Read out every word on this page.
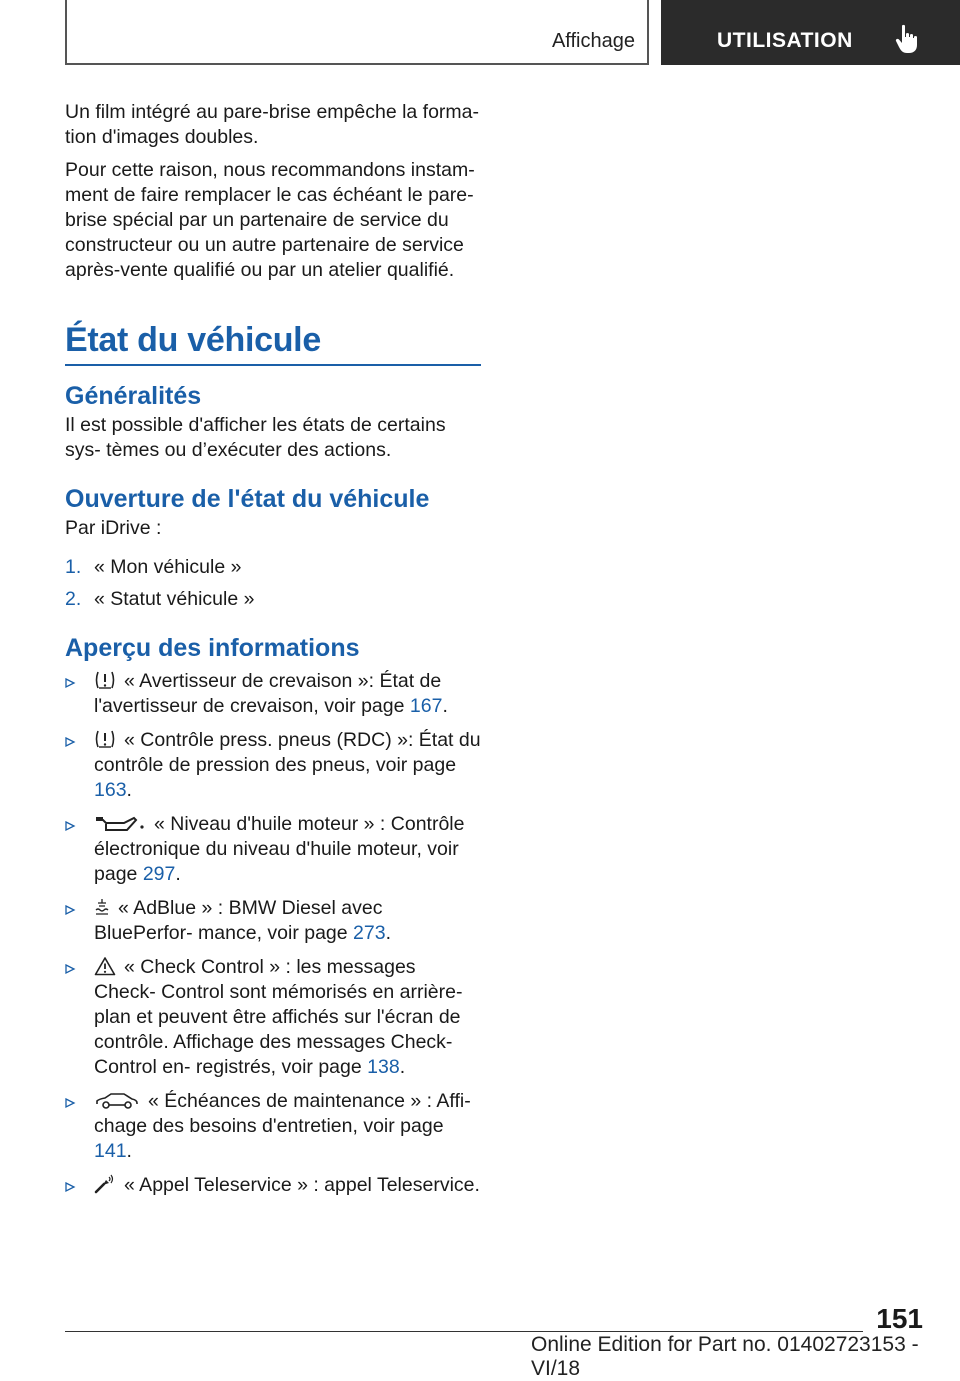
Affichage	UTILISATION

Un film intégré au pare-brise empêche la forma- tion d'images doubles.

Pour cette raison, nous recommandons instam- ment de faire remplacer le cas échéant le pare- brise spécial par un partenaire de service du constructeur ou un autre partenaire de service après-vente qualifié ou par un atelier qualifié.

État du véhicule
Généralités

Il est possible d'afficher les états de certains sys- tèmes ou d’exécuter des actions.

Ouverture de l'état du véhicule

Par iDrive :

1. « Mon véhicule »
2. « Statut véhicule »
Aperçu des informations
« Avertisseur de crevaison »: État de l'avertisseur de crevaison, voir page 167.
« Contrôle press. pneus (RDC) »: État du contrôle de pression des pneus, voir page 163.
« Niveau d'huile moteur » : Contrôle électronique du niveau d'huile moteur, voir page 297.
« AdBlue » : BMW Diesel avec BluePerfor- mance, voir page 273.
« Check Control » : les messages Check- Control sont mémorisés en arrière-plan et peuvent être affichés sur l'écran de contrôle. Affichage des messages Check-Control en- registrés, voir page 138.
« Échéances de maintenance » : Affi- chage des besoins d'entretien, voir page 141.
« Appel Teleservice » : appel Teleservice.
151
Online Edition for Part no. 01402723153 - VI/18
